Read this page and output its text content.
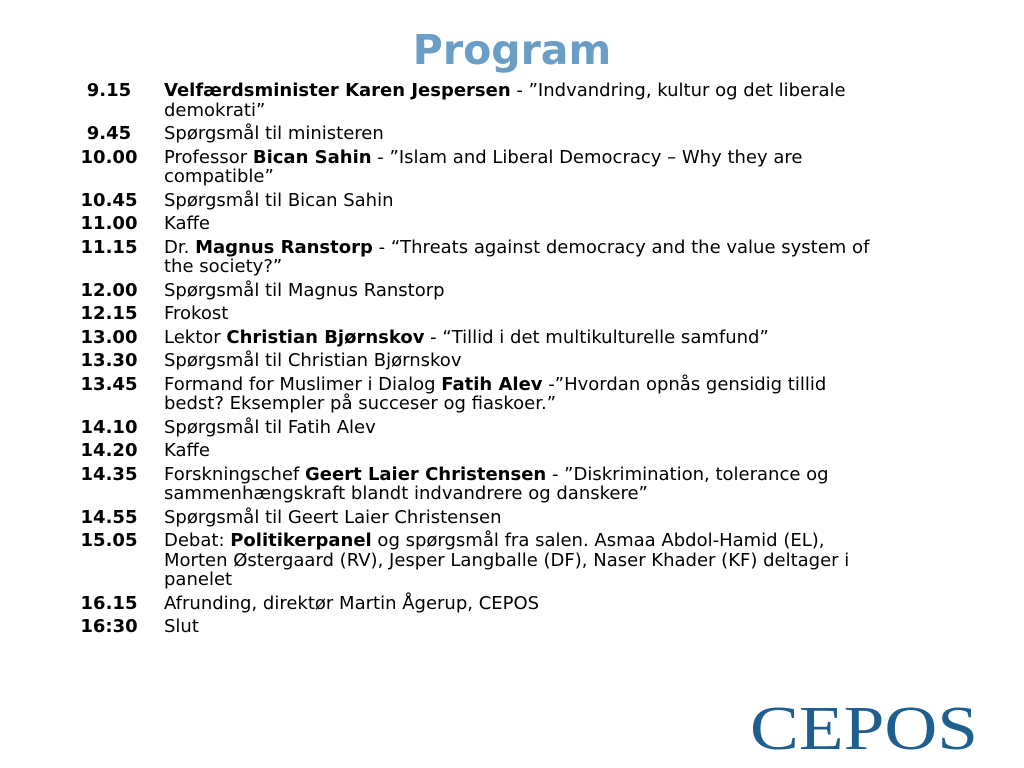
Program
9.15	Velfærdsminister Karen Jespersen - ”Indvandring, kultur og det liberale demokrati”
9.45	Spørgsmål til ministeren
10.00	Professor Bican Sahin - ”Islam and Liberal Democracy – Why they are compatible”
10.45	Spørgsmål til Bican Sahin
11.00	Kaffe
11.15	Dr. Magnus Ranstorp - “Threats against democracy and the value system of the society?”
12.00	Spørgsmål til Magnus Ranstorp
12.15	Frokost
13.00	Lektor Christian Bjørnskov - “Tillid i det multikulturelle samfund”
13.30	Spørgsmål til Christian Bjørnskov
13.45	Formand for Muslimer i Dialog Fatih Alev -”Hvordan opnås gensidig tillid bedst? Eksempler på succeser og fiaskoer.”
14.10	Spørgsmål til Fatih Alev
14.20	Kaffe
14.35	Forskningschef Geert Laier Christensen - ”Diskrimination, tolerance og sammenhængskraft blandt indvandrere og danskere”
14.55	Spørgsmål til Geert Laier Christensen
15.05	Debat: Politikerpanel og spørgsmål fra salen. Asmaa Abdol-Hamid (EL), Morten Østergaard (RV), Jesper Langballe (DF), Naser Khader (KF) deltager i panelet
16.15	Afrunding, direktør Martin Ågerup, CEPOS
16:30	Slut
CEPOS
